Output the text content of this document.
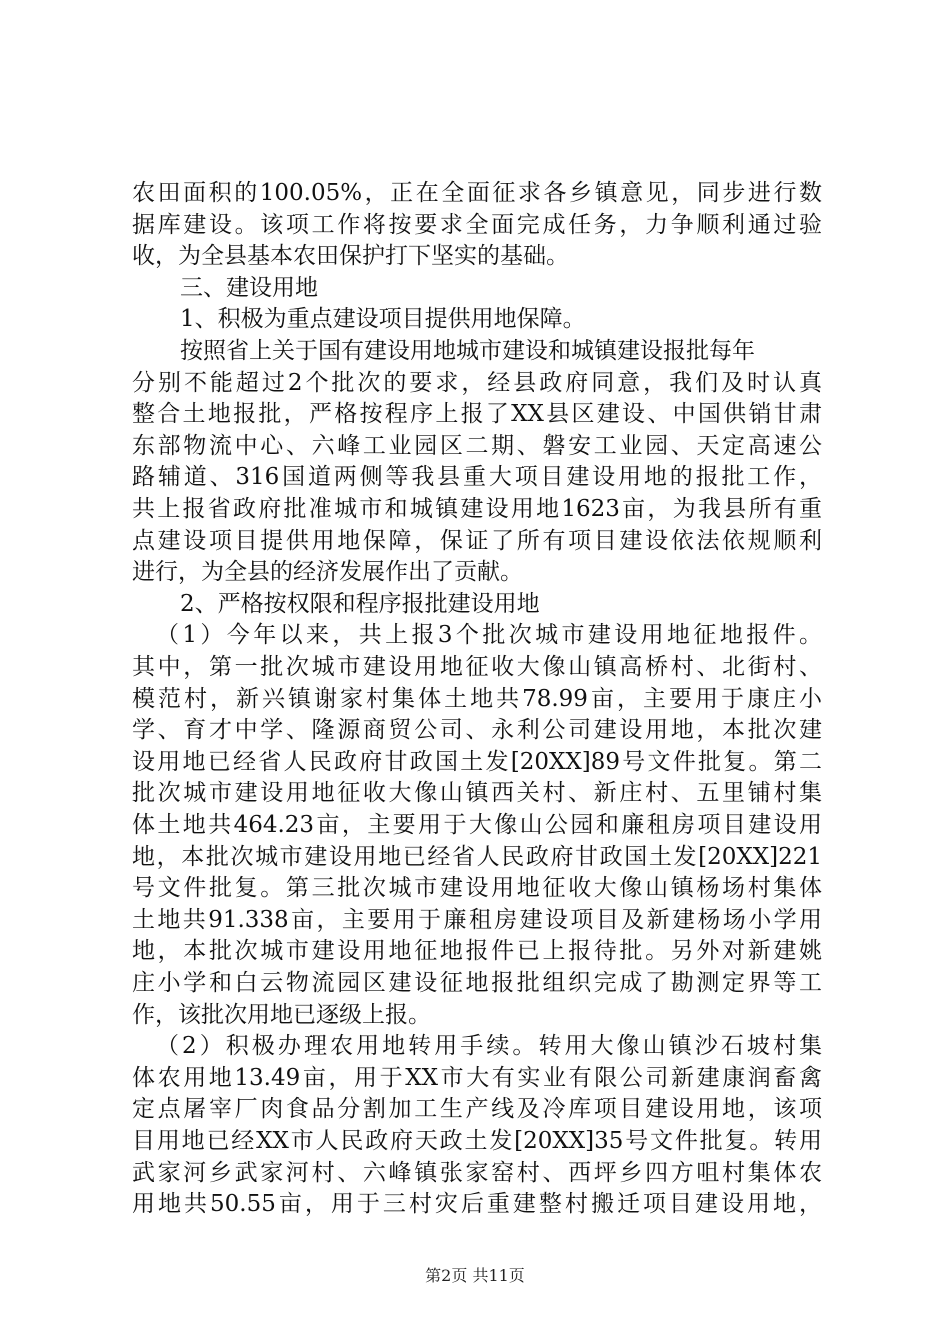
农田面积的100.05%，正在全面征求各乡镇意见，同步进行数
据库建设。该项工作将按要求全面完成任务，力争顺利通过验
收，为全县基本农田保护打下坚实的基础。
三、建设用地
1、积极为重点建设项目提供用地保障。
按照省上关于国有建设用地城市建设和城镇建设报批每年
分别不能超过2个批次的要求，经县政府同意，我们及时认真
整合土地报批，严格按程序上报了XX县区建设、中国供销甘肃
东部物流中心、六峰工业园区二期、磐安工业园、天定高速公
路辅道、316国道两侧等我县重大项目建设用地的报批工作，
共上报省政府批准城市和城镇建设用地1623亩，为我县所有重
点建设项目提供用地保障，保证了所有项目建设依法依规顺利
进行，为全县的经济发展作出了贡献。
2、严格按权限和程序报批建设用地
（1）今年以来，共上报3个批次城市建设用地征地报件。
其中，第一批次城市建设用地征收大像山镇高桥村、北街村、
模范村，新兴镇谢家村集体土地共78.99亩，主要用于康庄小
学、育才中学、隆源商贸公司、永利公司建设用地，本批次建
设用地已经省人民政府甘政国土发[20XX]89号文件批复。第二
批次城市建设用地征收大像山镇西关村、新庄村、五里铺村集
体土地共464.23亩，主要用于大像山公园和廉租房项目建设用
地，本批次城市建设用地已经省人民政府甘政国土发[20XX]221
号文件批复。第三批次城市建设用地征收大像山镇杨场村集体
土地共91.338亩，主要用于廉租房建设项目及新建杨场小学用
地，本批次城市建设用地征地报件已上报待批。另外对新建姚
庄小学和白云物流园区建设征地报批组织完成了勘测定界等工
作，该批次用地已逐级上报。
（2）积极办理农用地转用手续。转用大像山镇沙石坡村集
体农用地13.49亩，用于XX市大有实业有限公司新建康润畜禽
定点屠宰厂肉食品分割加工生产线及冷库项目建设用地，该项
目用地已经XX市人民政府天政土发[20XX]35号文件批复。转用
武家河乡武家河村、六峰镇张家窑村、西坪乡四方咀村集体农
用地共50.55亩，用于三村灾后重建整村搬迁项目建设用地，
第2页 共11页
